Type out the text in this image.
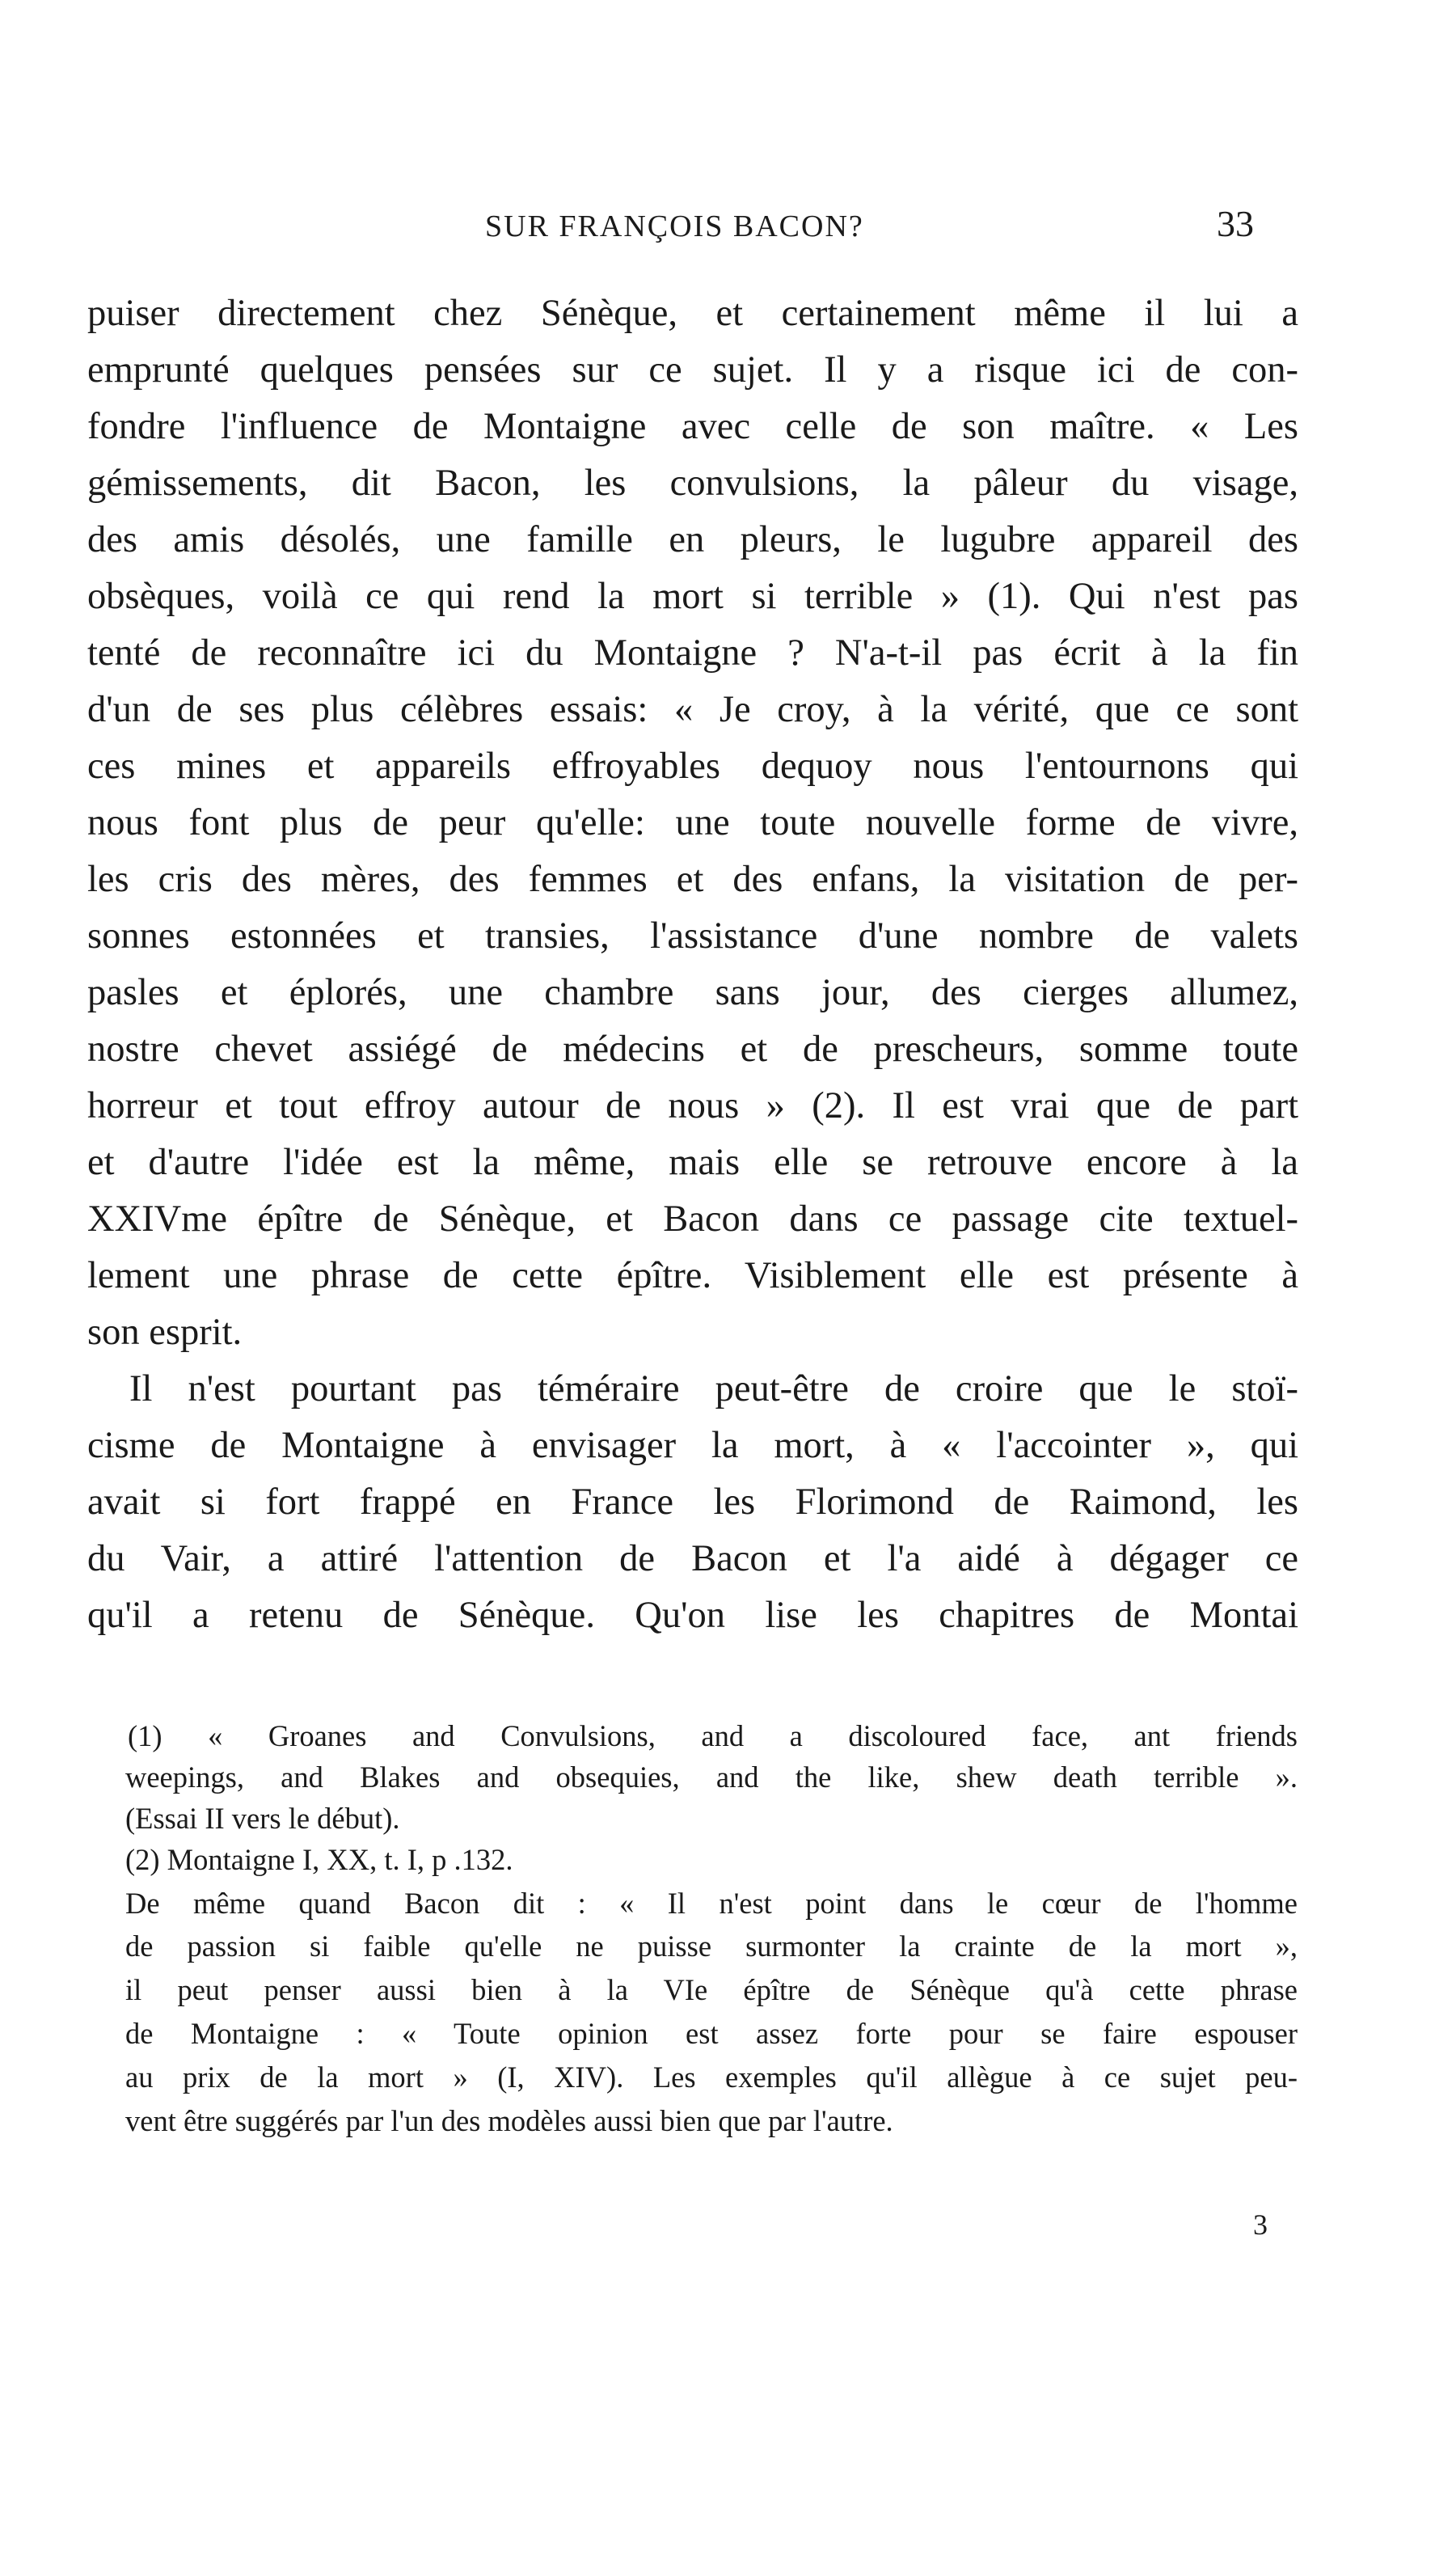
SUR FRANÇOIS BACON?	33
puiser directement chez Sénèque, et certainement même il lui a
emprunté quelques pensées sur ce sujet. Il y a risque ici de con-
fondre l'influence de Montaigne avec celle de son maître. « Les
gémissements, dit Bacon, les convulsions, la pâleur du visage,
des amis désolés, une famille en pleurs, le lugubre appareil des
obsèques, voilà ce qui rend la mort si terrible » (1). Qui n'est pas
tenté de reconnaître ici du Montaigne ? N'a-t-il pas écrit à la fin
d'un de ses plus célèbres essais: « Je croy, à la vérité, que ce sont
ces mines et appareils effroyables dequoy nous l'entournons qui
nous font plus de peur qu'elle: une toute nouvelle forme de vivre,
les cris des mères, des femmes et des enfans, la visitation de per-
sonnes estonnées et transies, l'assistance d'une nombre de valets
pasles et éplorés, une chambre sans jour, des cierges allumez,
nostre chevet assiégé de médecins et de prescheurs, somme toute
horreur et tout effroy autour de nous » (2). Il est vrai que de part
et d'autre l'idée est la même, mais elle se retrouve encore à la
XXIVme épître de Sénèque, et Bacon dans ce passage cite textuel-
lement une phrase de cette épître. Visiblement elle est présente à
son esprit.
Il n'est pourtant pas téméraire peut-être de croire que le stoï-
cisme de Montaigne à envisager la mort, à « l'accointer », qui
avait si fort frappé en France les Florimond de Raimond, les
du Vair, a attiré l'attention de Bacon et l'a aidé à dégager ce
qu'il a retenu de Sénèque. Qu'on lise les chapitres de Montai
(1) « Groanes and Convulsions, and a discoloured face, ant friends
weepings, and Blakes and obsequies, and the like, shew death terrible ».
(Essai II vers le début).
(2) Montaigne I, XX, t. I, p .132.
De même quand Bacon dit : « Il n'est point dans le cœur de l'homme
de passion si faible qu'elle ne puisse surmonter la crainte de la mort »,
il peut penser aussi bien à la VIe épître de Sénèque qu'à cette phrase
de Montaigne : « Toute opinion est assez forte pour se faire espouser
au prix de la mort » (I, XIV). Les exemples qu'il allègue à ce sujet peu-
vent être suggérés par l'un des modèles aussi bien que par l'autre.
3
